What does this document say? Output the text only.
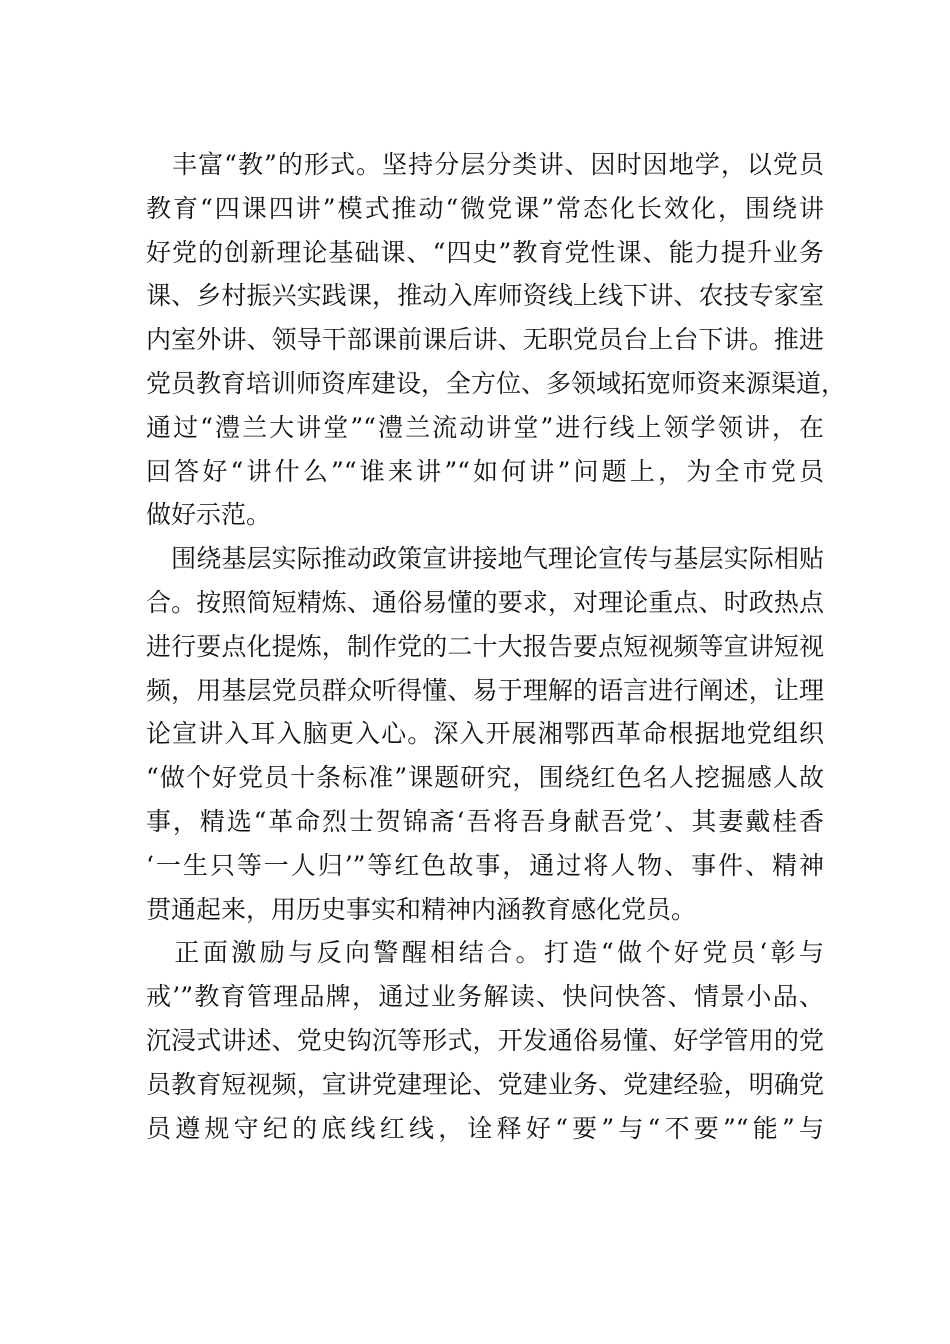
　丰富“教”的形式。坚持分层分类讲、因时因地学，以党员
教育“四课四讲”模式推动“微党课”常态化长效化，围绕讲
好党的创新理论基础课、“四史”教育党性课、能力提升业务
课、乡村振兴实践课，推动入库师资线上线下讲、农技专家室
内室外讲、领导干部课前课后讲、无职党员台上台下讲。推进
党员教育培训师资库建设，全方位、多领域拓宽师资来源渠道，
通过“澧兰大讲堂”“澧兰流动讲堂”进行线上领学领讲，在
回答好“讲什么”“谁来讲”“如何讲”问题上，为全市党员
做好示范。
　围绕基层实际推动政策宣讲接地气理论宣传与基层实际相贴
合。按照简短精炼、通俗易懂的要求，对理论重点、时政热点
进行要点化提炼，制作党的二十大报告要点短视频等宣讲短视
频，用基层党员群众听得懂、易于理解的语言进行阐述，让理
论宣讲入耳入脑更入心。深入开展湘鄂西革命根据地党组织
“做个好党员十条标准”课题研究，围绕红色名人挖掘感人故
事，精选“革命烈士贺锦斋‘吾将吾身献吾党’、其妻戴桂香
‘一生只等一人归’”等红色故事，通过将人物、事件、精神
贯通起来，用历史事实和精神内涵教育感化党员。
　正面激励与反向警醒相结合。打造“做个好党员‘彰与
戒’”教育管理品牌，通过业务解读、快问快答、情景小品、
沉浸式讲述、党史钩沉等形式，开发通俗易懂、好学管用的党
员教育短视频，宣讲党建理论、党建业务、党建经验，明确党
员遵规守纪的底线红线，诠释好“要”与“不要”“能”与
